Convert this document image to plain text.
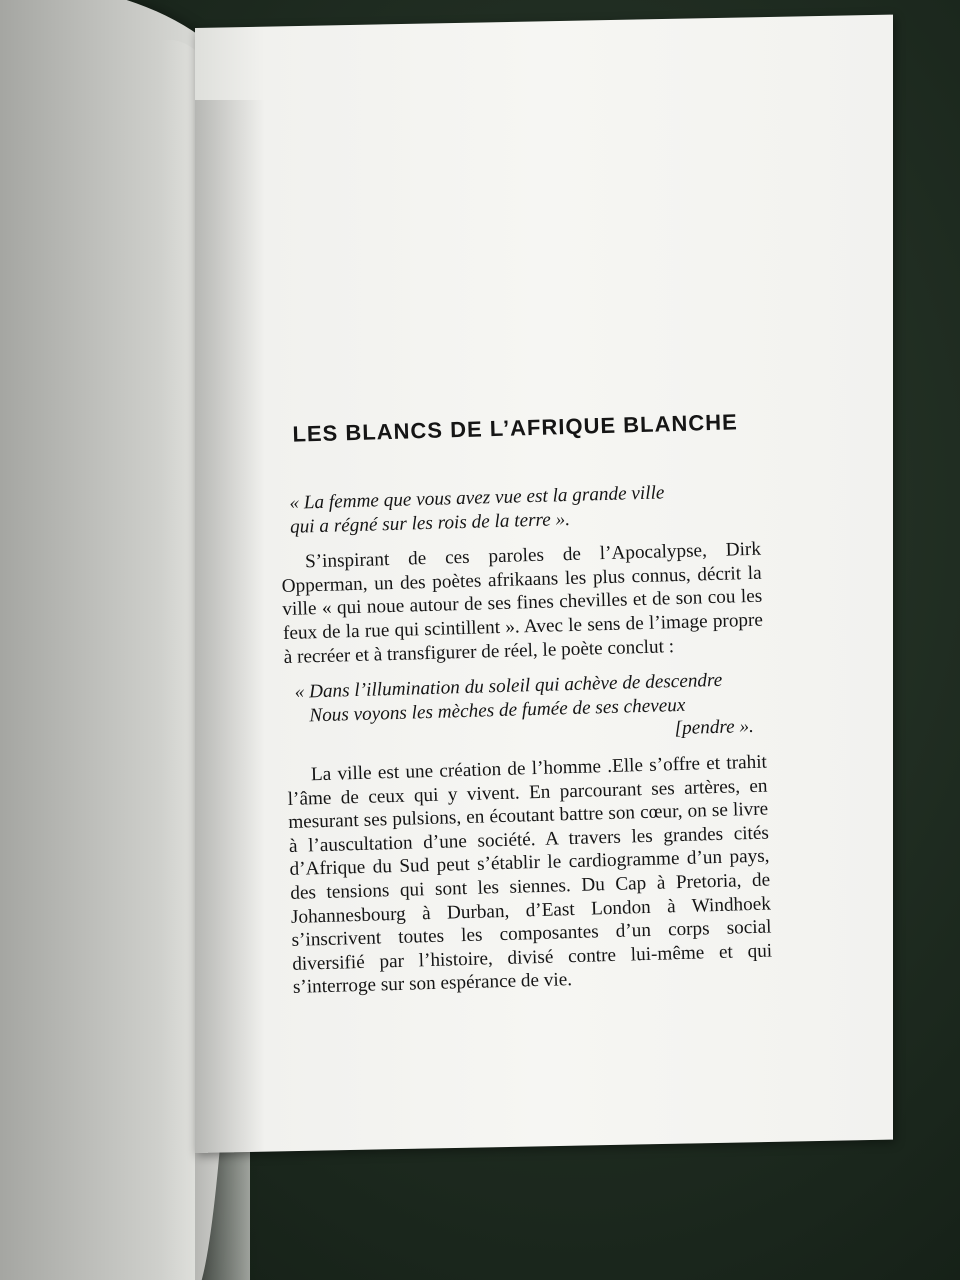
LES BLANCS DE L’AFRIQUE BLANCHE

« La femme que vous avez vue est la grande ville
qui a régné sur les rois de la terre ».

S’inspirant de ces paroles de l’Apocalypse, Dirk Opperman, un des poètes afrikaans les plus connus, décrit la ville « qui noue autour de ses fines chevilles et de son cou les feux de la rue qui scintillent ». Avec le sens de l’image propre à recréer et à transfigurer de réel, le poète conclut :

« Dans l’illumination du soleil qui achève de descendre
Nous voyons les mèches de fumée de ses cheveux
[pendre ».

La ville est une création de l’homme .Elle s’offre et trahit l’âme de ceux qui y vivent. En parcourant ses artères, en mesurant ses pulsions, en écoutant battre son cœur, on se livre à l’auscultation d’une société. A travers les grandes cités d’Afrique du Sud peut s’établir le cardiogramme d’un pays, des tensions qui sont les siennes. Du Cap à Pretoria, de Johannesbourg à Durban, d’East London à Windhoek s’inscrivent toutes les composantes d’un corps social diversifié par l’histoire, divisé contre lui-même et qui s’interroge sur son espérance de vie.
